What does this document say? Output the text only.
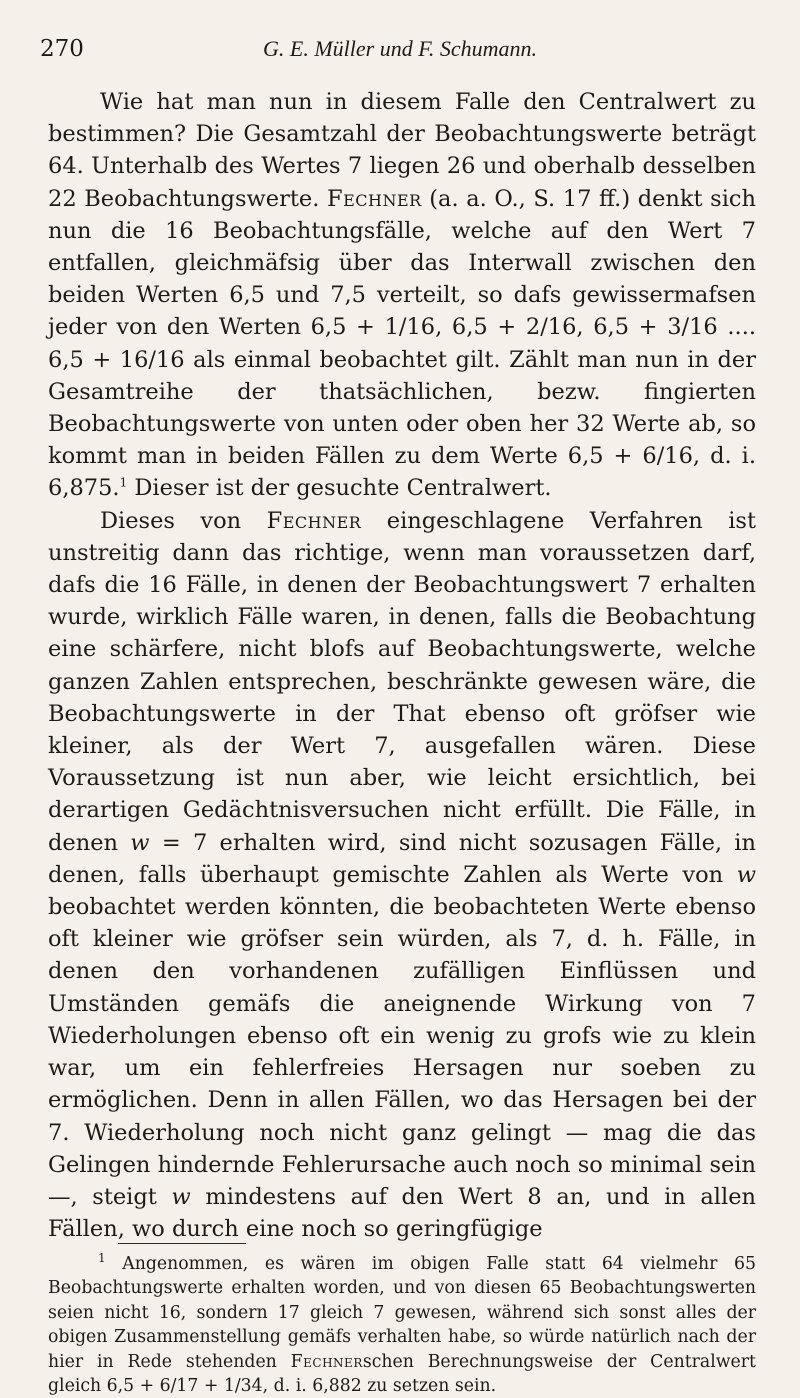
270	G. E. Müller und F. Schumann.

Wie hat man nun in diesem Falle den Centralwert zu bestimmen? Die Gesamtzahl der Beobachtungswerte beträgt 64. Unterhalb des Wertes 7 liegen 26 und oberhalb desselben 22 Beobachtungswerte. Fechner (a. a. O., S. 17 ff.) denkt sich nun die 16 Beobachtungsfälle, welche auf den Wert 7 entfallen, gleichmäfsig über das Interwall zwischen den beiden Werten 6,5 und 7,5 verteilt, so dafs gewissermafsen jeder von den Werten 6,5 + 1/16, 6,5 + 2/16, 6,5 + 3/16 .... 6,5 + 16/16 als einmal beobachtet gilt. Zählt man nun in der Gesamtreihe der thatsächlichen, bezw. fingierten Beobachtungswerte von unten oder oben her 32 Werte ab, so kommt man in beiden Fällen zu dem Werte 6,5 + 6/16, d. i. 6,875.$^1$ Dieser ist der gesuchte Centralwert.

Dieses von Fechner eingeschlagene Verfahren ist unstreitig dann das richtige, wenn man voraussetzen darf, dafs die 16 Fälle, in denen der Beobachtungswert 7 erhalten wurde, wirklich Fälle waren, in denen, falls die Beobachtung eine schärfere, nicht blofs auf Beobachtungswerte, welche ganzen Zahlen entsprechen, beschränkte gewesen wäre, die Beobachtungswerte in der That ebenso oft gröfser wie kleiner, als der Wert 7, ausgefallen wären. Diese Voraussetzung ist nun aber, wie leicht ersichtlich, bei derartigen Gedächtnisversuchen nicht erfüllt. Die Fälle, in denen w = 7 erhalten wird, sind nicht sozusagen Fälle, in denen, falls überhaupt gemischte Zahlen als Werte von w beobachtet werden könnten, die beobachteten Werte ebenso oft kleiner wie gröfser sein würden, als 7, d. h. Fälle, in denen den vorhandenen zufälligen Einflüssen und Umständen gemäfs die aneignende Wirkung von 7 Wiederholungen ebenso oft ein wenig zu grofs wie zu klein war, um ein fehlerfreies Hersagen nur soeben zu ermöglichen. Denn in allen Fällen, wo das Hersagen bei der 7. Wiederholung noch nicht ganz gelingt — mag die das Gelingen hindernde Fehlerursache auch noch so minimal sein —, steigt w mindestens auf den Wert 8 an, und in allen Fällen, wo durch eine noch so geringfügige

$^1$ Angenommen, es wären im obigen Falle statt 64 vielmehr 65 Beobachtungswerte erhalten worden, und von diesen 65 Beobachtungswerten seien nicht 16, sondern 17 gleich 7 gewesen, während sich sonst alles der obigen Zusammenstellung gemäfs verhalten habe, so würde natürlich nach der hier in Rede stehenden Fechnerschen Berechnungsweise der Centralwert gleich 6,5 + 6/17 + 1/34, d. i. 6,882 zu setzen sein.
